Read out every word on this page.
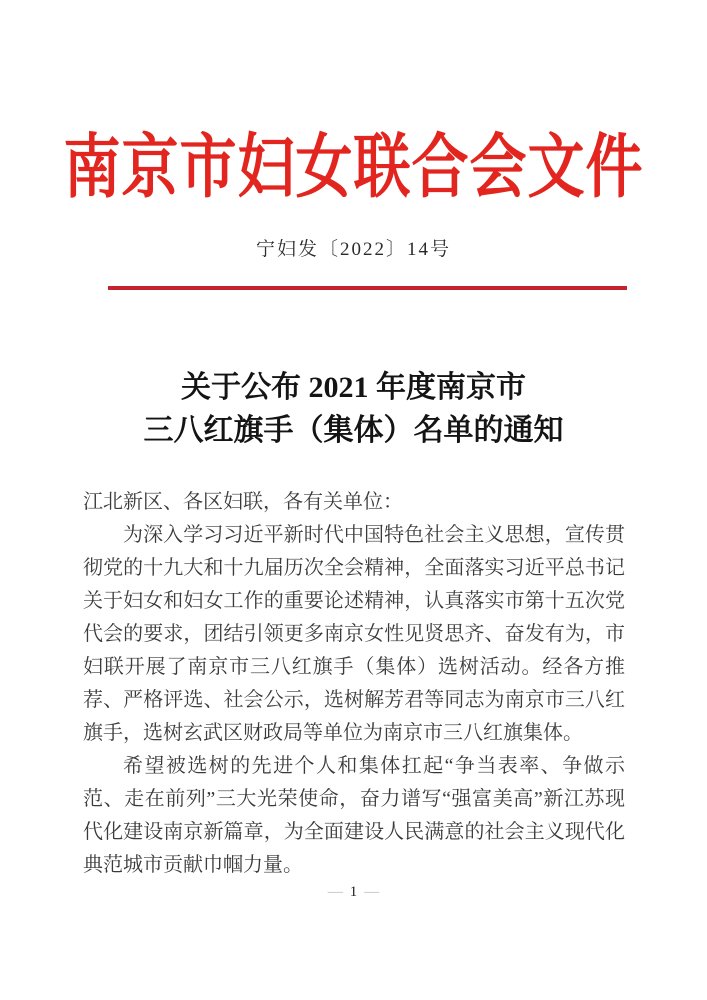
南京市妇女联合会文件
宁妇发〔2022〕14号
关于公布 2021 年度南京市
三八红旗手（集体）名单的通知

江北新区、各区妇联，各有关单位：

为深入学习习近平新时代中国特色社会主义思想，宣传贯彻党的十九大和十九届历次全会精神，全面落实习近平总书记关于妇女和妇女工作的重要论述精神，认真落实市第十五次党代会的要求，团结引领更多南京女性见贤思齐、奋发有为，市妇联开展了南京市三八红旗手（集体）选树活动。经各方推荐、严格评选、社会公示，选树解芳君等同志为南京市三八红旗手，选树玄武区财政局等单位为南京市三八红旗集体。

希望被选树的先进个人和集体扛起“争当表率、争做示范、走在前列”三大光荣使命，奋力谱写“强富美高”新江苏现代化建设南京新篇章，为全面建设人民满意的社会主义现代化典范城市贡献巾帼力量。

— 1 —
